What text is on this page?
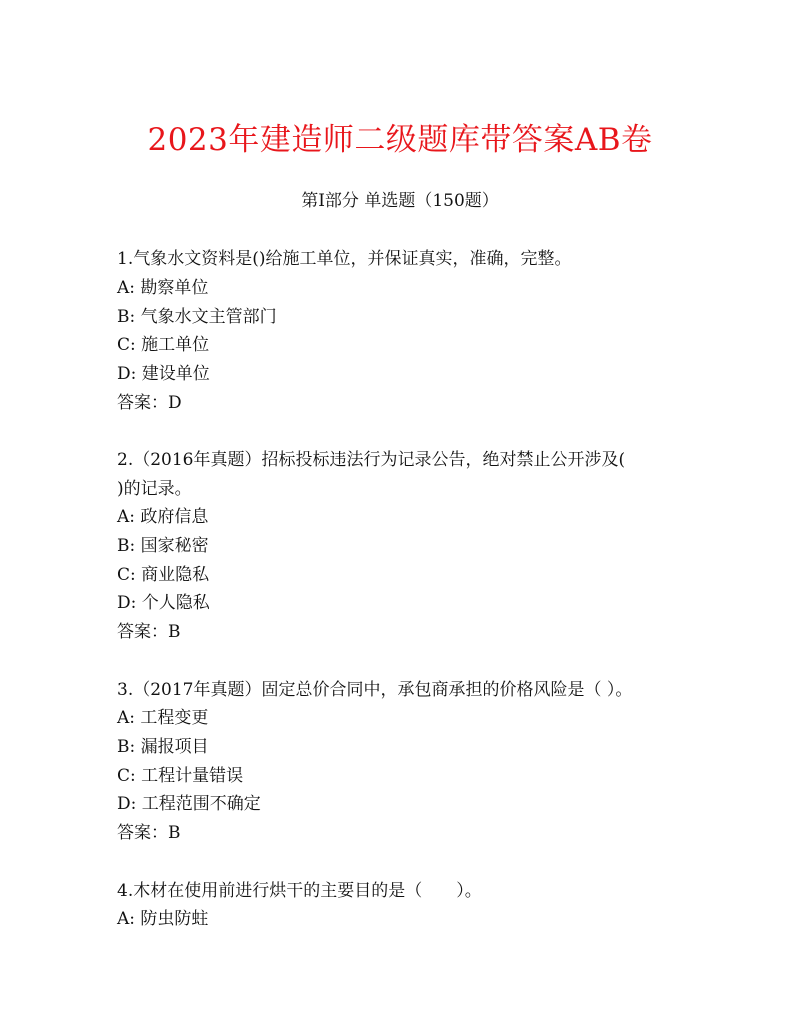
2023年建造师二级题库带答案AB卷
第I部分 单选题（150题）
1.气象水文资料是()给施工单位，并保证真实，准确，完整。
A: 勘察单位
B: 气象水文主管部门
C: 施工单位
D: 建设单位
答案：D
2.（2016年真题）招标投标违法行为记录公告，绝对禁止公开涉及(
)的记录。
A: 政府信息
B: 国家秘密
C: 商业隐私
D: 个人隐私
答案：B
3.（2017年真题）固定总价合同中，承包商承担的价格风险是（ ）。
A: 工程变更
B: 漏报项目
C: 工程计量错误
D: 工程范围不确定
答案：B
4.木材在使用前进行烘干的主要目的是（　　）。
A: 防虫防蛀
